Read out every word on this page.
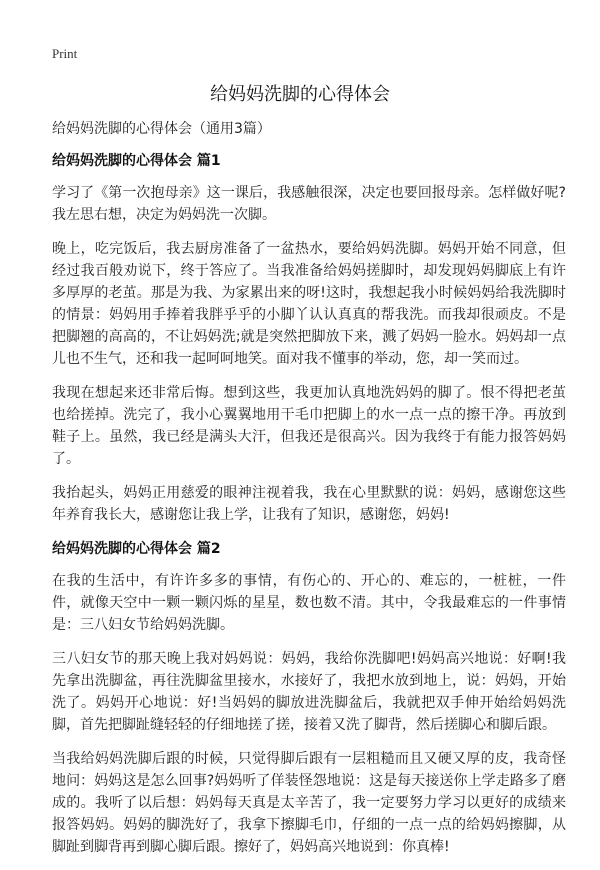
Print
给妈妈洗脚的心得体会
给妈妈洗脚的心得体会（通用3篇）
给妈妈洗脚的心得体会 篇1

学习了《第一次抱母亲》这一课后，我感触很深，决定也要回报母亲。怎样做好呢?我左思右想，决定为妈妈洗一次脚。

晚上，吃完饭后，我去厨房准备了一盆热水，要给妈妈洗脚。妈妈开始不同意，但经过我百般劝说下，终于答应了。当我准备给妈妈搓脚时，却发现妈妈脚底上有许多厚厚的老茧。那是为我、为家累出来的呀!这时，我想起我小时候妈妈给我洗脚时的情景：妈妈用手捧着我胖乎乎的小脚丫认认真真的帮我洗。而我却很顽皮。不是把脚翘的高高的，不让妈妈洗;就是突然把脚放下来，溅了妈妈一脸水。妈妈却一点儿也不生气，还和我一起呵呵地笑。面对我不懂事的举动，您，却一笑而过。

我现在想起来还非常后悔。想到这些，我更加认真地洗妈妈的脚了。恨不得把老茧也给搓掉。洗完了，我小心翼翼地用干毛巾把脚上的水一点一点的擦干净。再放到鞋子上。虽然，我已经是满头大汗，但我还是很高兴。因为我终于有能力报答妈妈了。

我抬起头，妈妈正用慈爱的眼神注视着我，我在心里默默的说：妈妈，感谢您这些年养育我长大，感谢您让我上学，让我有了知识，感谢您，妈妈!

给妈妈洗脚的心得体会 篇2

在我的生活中，有许许多多的事情，有伤心的、开心的、难忘的，一桩桩，一件件，就像天空中一颗一颗闪烁的星星，数也数不清。其中，令我最难忘的一件事情是：三八妇女节给妈妈洗脚。

三八妇女节的那天晚上我对妈妈说：妈妈，我给你洗脚吧!妈妈高兴地说：好啊!我先拿出洗脚盆，再往洗脚盆里接水，水接好了，我把水放到地上，说：妈妈，开始洗了。妈妈开心地说：好!当妈妈的脚放进洗脚盆后，我就把双手伸开始给妈妈洗脚，首先把脚趾缝轻轻的仔细地搓了搓，接着又洗了脚背，然后搓脚心和脚后跟。

当我给妈妈洗脚后跟的时候，只觉得脚后跟有一层粗糙而且又硬又厚的皮，我奇怪地问：妈妈这是怎么回事?妈妈听了佯装怪怨地说：这是每天接送你上学走路多了磨成的。我听了以后想：妈妈每天真是太辛苦了，我一定要努力学习以更好的成绩来报答妈妈。妈妈的脚洗好了，我拿下擦脚毛巾，仔细的一点一点的给妈妈擦脚，从脚趾到脚背再到脚心脚后跟。擦好了，妈妈高兴地说到：你真棒!
